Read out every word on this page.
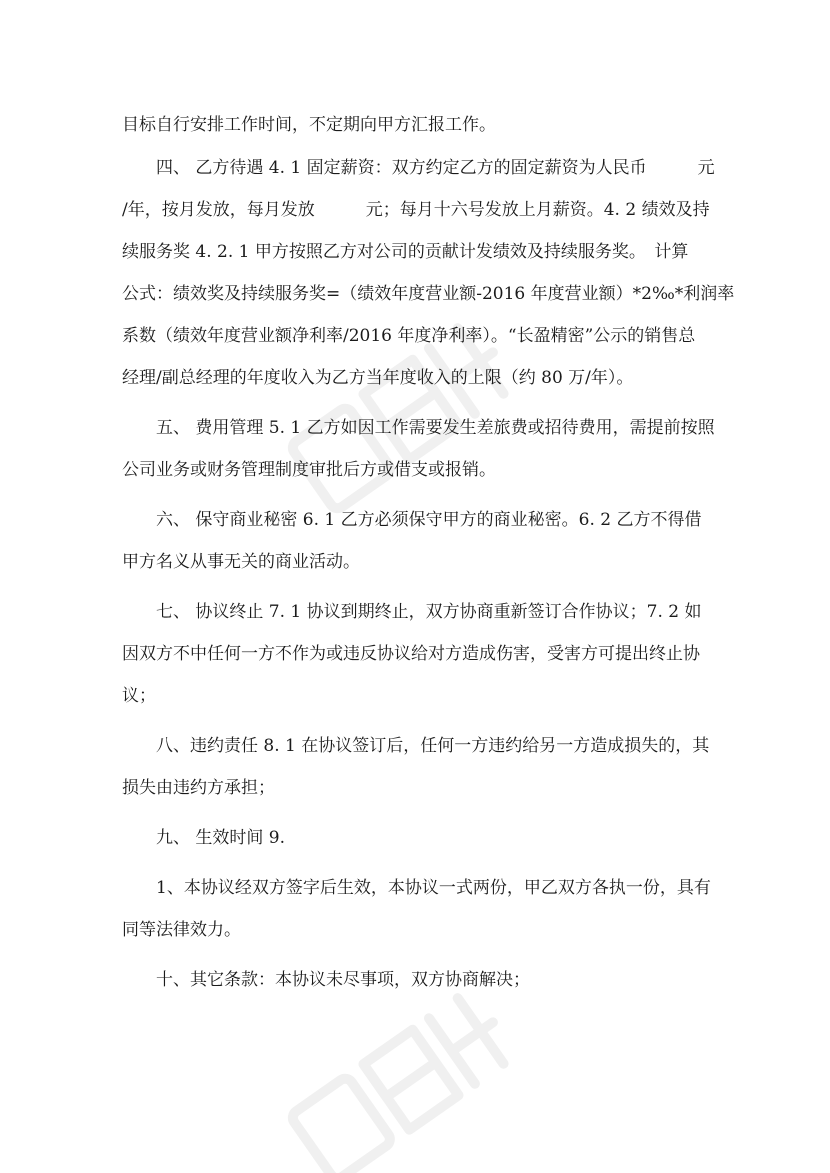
目标自行安排工作时间，不定期向甲方汇报工作。

四、 乙方待遇 4. 1 固定薪资：双方约定乙方的固定薪资为人民币　　　元
/年，按月发放，每月发放　　　元；每月十六号发放上月薪资。4. 2 绩效及持
续服务奖 4. 2. 1 甲方按照乙方对公司的贡献计发绩效及持续服务奖。　计算
公式：绩效奖及持续服务奖=（绩效年度营业额-2016 年度营业额）*2‰*利润率
系数（绩效年度营业额净利率/2016 年度净利率）。“长盈精密”公示的销售总
经理/副总经理的年度收入为乙方当年度收入的上限（约 80 万/年）。

五、 费用管理 5. 1 乙方如因工作需要发生差旅费或招待费用，需提前按照
公司业务或财务管理制度审批后方或借支或报销。

六、 保守商业秘密 6. 1 乙方必须保守甲方的商业秘密。6. 2 乙方不得借
甲方名义从事无关的商业活动。

七、 协议终止 7. 1 协议到期终止，双方协商重新签订合作协议；7. 2 如
因双方不中任何一方不作为或违反协议给对方造成伤害，受害方可提出终止协
议；

八、违约责任 8. 1 在协议签订后，任何一方违约给另一方造成损失的，其
损失由违约方承担；

九、 生效时间 9.

1、本协议经双方签字后生效，本协议一式两份，甲乙双方各执一份，具有
同等法律效力。

十、其它条款：本协议未尽事项，双方协商解决；
